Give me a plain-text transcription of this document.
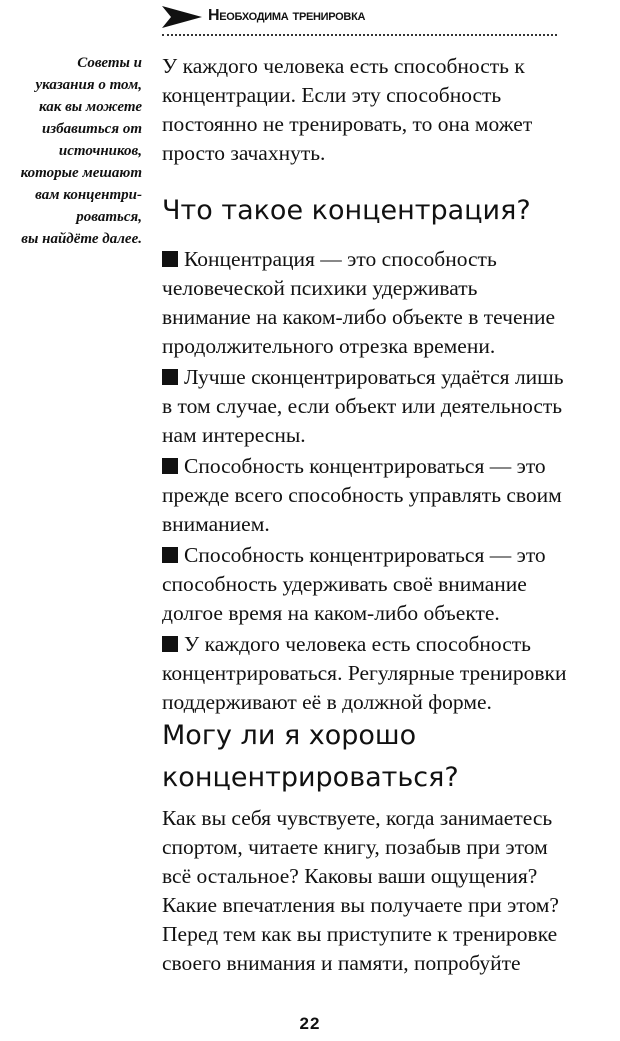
Необходима тренировка
Советы и
указания о том,
как вы можете
избавиться от
источников,
которые мешают
вам концентри-
роваться,
вы найдёте далее.

У каждого человека есть способность к
концентрации. Если эту способность
постоянно не тренировать, то она может
просто зачахнуть.

Что такое концентрация?

Концентрация — это способность
человеческой психики удерживать
внимание на каком-либо объекте в течение
продолжительного отрезка времени.

Лучше сконцентрироваться удаётся лишь
в том случае, если объект или деятельность
нам интересны.

Способность концентрироваться — это
прежде всего способность управлять своим
вниманием.

Способность концентрироваться — это
способность удерживать своё внимание
долгое время на каком-либо объекте.

У каждого человека есть способность
концентрироваться. Регулярные тренировки
поддерживают её в должной форме.

Могу ли я хорошо

концентрироваться?

Как вы себя чувствуете, когда занимаетесь
спортом, читаете книгу, позабыв при этом
всё остальное? Каковы ваши ощущения?
Какие впечатления вы получаете при этом?
Перед тем как вы приступите к тренировке
своего внимания и памяти, попробуйте

22
